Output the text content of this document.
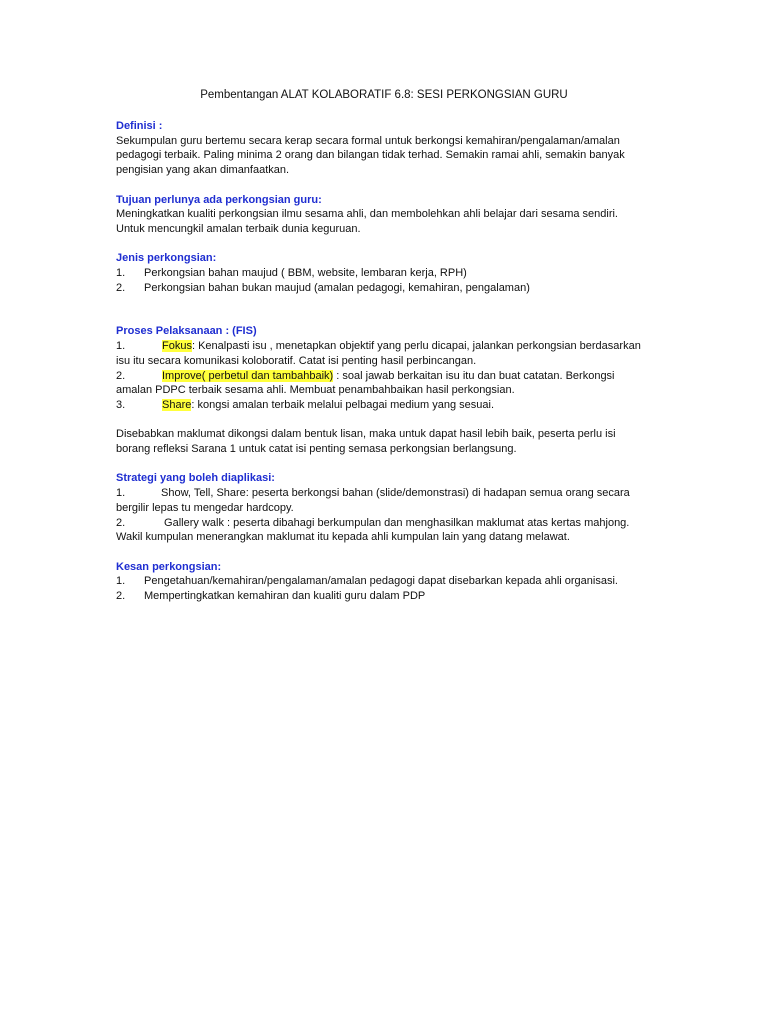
Pembentangan ALAT KOLABORATIF 6.8: SESI PERKONGSIAN GURU
Definisi :
Sekumpulan guru bertemu secara kerap secara formal untuk berkongsi kemahiran/pengalaman/amalan pedagogi terbaik. Paling minima 2 orang dan bilangan tidak terhad. Semakin ramai ahli, semakin banyak pengisian yang akan dimanfaatkan.
Tujuan perlunya ada perkongsian guru:
Meningkatkan kualiti perkongsian ilmu sesama ahli, dan membolehkan ahli belajar dari sesama sendiri. Untuk mencungkil amalan terbaik dunia keguruan.
Jenis perkongsian:
1. Perkongsian bahan maujud ( BBM, website, lembaran kerja, RPH)
2. Perkongsian bahan bukan maujud (amalan pedagogi, kemahiran, pengalaman)
Proses Pelaksanaan : (FIS)
1.	Fokus: Kenalpasti isu , menetapkan objektif yang perlu dicapai, jalankan perkongsian berdasarkan isu itu secara komunikasi koloboratif. Catat isi penting hasil perbincangan.
2.	Improve( perbetul dan tambahbaik) : soal jawab berkaitan isu itu dan buat catatan. Berkongsi amalan PDPC terbaik sesama ahli. Membuat penambahbaikan hasil perkongsian.
3.	Share: kongsi amalan terbaik melalui pelbagai medium yang sesuai.
Disebabkan maklumat dikongsi dalam bentuk lisan, maka untuk dapat hasil lebih baik, peserta perlu isi borang refleksi Sarana 1 untuk catat isi penting semasa perkongsian berlangsung.
Strategi yang boleh diaplikasi:
1.	Show, Tell, Share: peserta berkongsi bahan (slide/demonstrasi) di hadapan semua orang secara bergilir lepas tu mengedar hardcopy.
2.	Gallery walk : peserta dibahagi berkumpulan dan menghasilkan maklumat atas kertas mahjong. Wakil kumpulan menerangkan maklumat itu kepada ahli kumpulan lain yang datang melawat.
Kesan perkongsian:
1. Pengetahuan/kemahiran/pengalaman/amalan pedagogi dapat disebarkan kepada ahli organisasi.
2. Mempertingkatkan kemahiran dan kualiti guru dalam PDP
